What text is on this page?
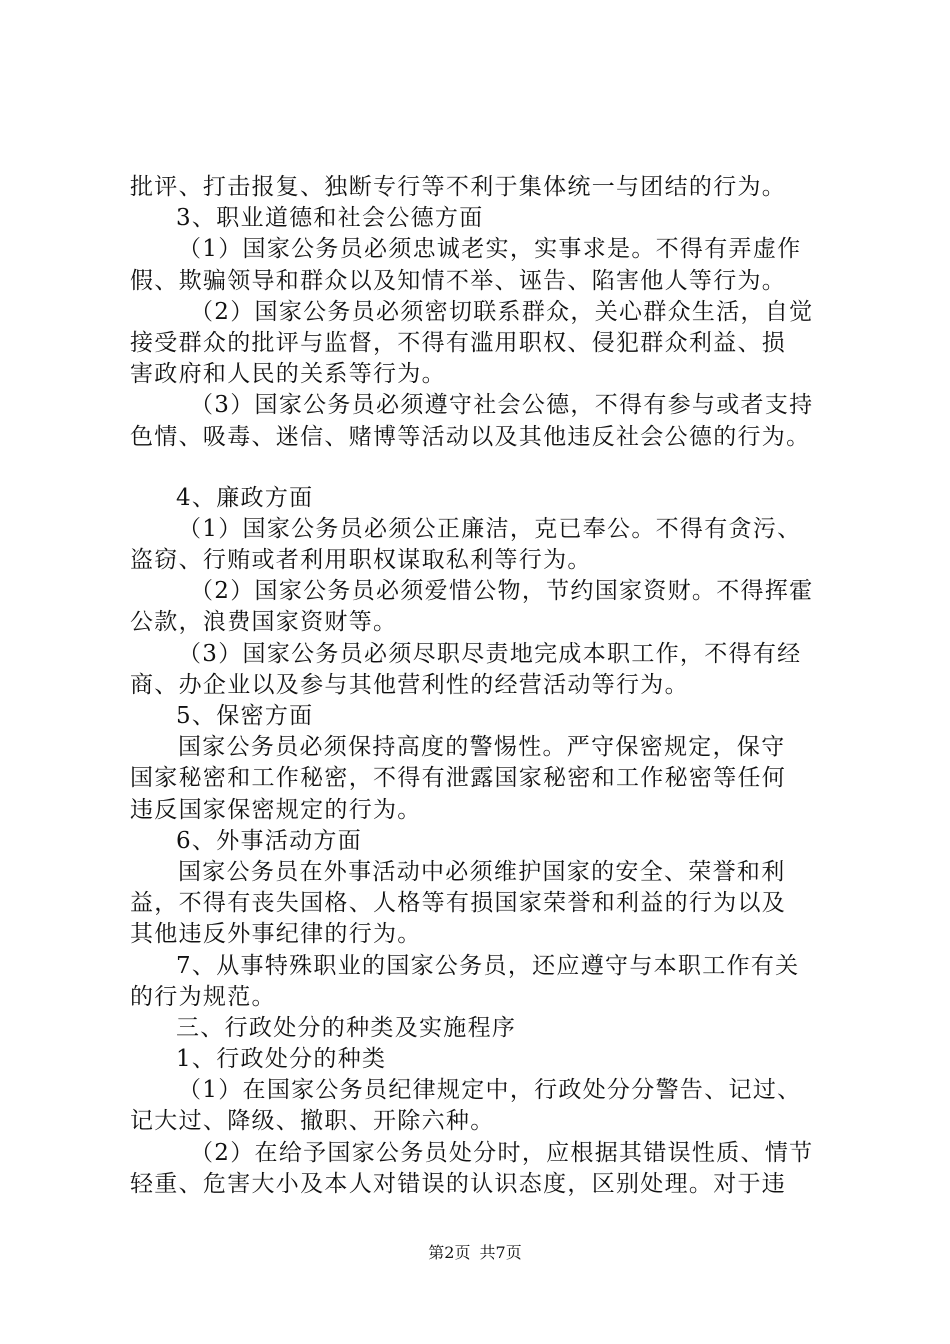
批评、打击报复、独断专行等不利于集体统一与团结的行为。
3、职业道德和社会公德方面
（1）国家公务员必须忠诚老实，实事求是。不得有弄虚作
假、欺骗领导和群众以及知情不举、诬告、陷害他人等行为。
（2）国家公务员必须密切联系群众，关心群众生活，自觉
接受群众的批评与监督，不得有滥用职权、侵犯群众利益、损
害政府和人民的关系等行为。
（3）国家公务员必须遵守社会公德，不得有参与或者支持
色情、吸毒、迷信、赌博等活动以及其他违反社会公德的行为。
4、廉政方面
（1）国家公务员必须公正廉洁，克已奉公。不得有贪污、
盗窃、行贿或者利用职权谋取私利等行为。
（2）国家公务员必须爱惜公物，节约国家资财。不得挥霍
公款，浪费国家资财等。
（3）国家公务员必须尽职尽责地完成本职工作，不得有经
商、办企业以及参与其他营利性的经营活动等行为。
5、保密方面
国家公务员必须保持高度的警惕性。严守保密规定，保守
国家秘密和工作秘密，不得有泄露国家秘密和工作秘密等任何
违反国家保密规定的行为。
6、外事活动方面
国家公务员在外事活动中必须维护国家的安全、荣誉和利
益，不得有丧失国格、人格等有损国家荣誉和利益的行为以及
其他违反外事纪律的行为。
7、从事特殊职业的国家公务员，还应遵守与本职工作有关
的行为规范。
三、行政处分的种类及实施程序
1、行政处分的种类
（1）在国家公务员纪律规定中，行政处分分警告、记过、
记大过、降级、撤职、开除六种。
（2）在给予国家公务员处分时，应根据其错误性质、情节
轻重、危害大小及本人对错误的认识态度，区别处理。对于违
第2页 共7页
